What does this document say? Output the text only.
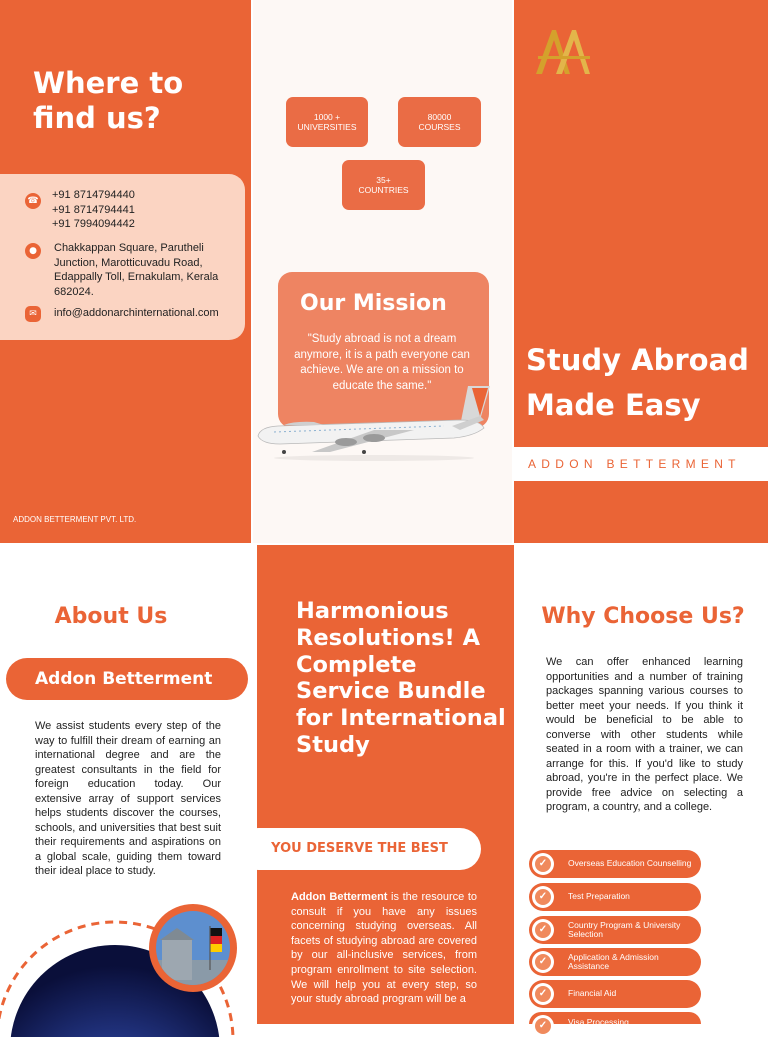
Where to find us?
☎ +91 8714794440
+91 8714794441
+91 7994094442
●	Chakkappan Square, Parutheli Junction, Marotticuvadu Road, Edappally Toll, Ernakulam, Kerala 682024.
✉	info@addonarchinternational.com
ADDON BETTERMENT PVT. LTD.
1000 +
UNIVERSITIES
80000
COURSES
35+
COUNTRIES
Our Mission
"Study abroad is not a dream anymore, it is a path everyone can achieve. We are on a mission to educate the same."
Study Abroad Made Easy
ADDON BETTERMENT
About Us
Addon Betterment
We assist students every step of the way to fulfill their dream of earning an international degree and are the greatest consultants in the field for foreign education today. Our extensive array of support services helps students discover the courses, schools, and universities that best suit their requirements and aspirations on a global scale, guiding them toward their ideal place to study.
Harmonious Resolutions! A Complete Service Bundle for International Study
YOU DESERVE THE BEST
Addon Betterment is the resource to consult if you have any issues concerning studying overseas. All facets of studying abroad are covered by our all-inclusive services, from program enrollment to site selection. We will help you at every step, so your study abroad program will be a
Why Choose Us?
We can offer enhanced learning opportunities and a number of training packages spanning various courses to better meet your needs. If you think it would be beneficial to be able to converse with other students while seated in a room with a trainer, we can arrange for this. If you'd like to study abroad, you're in the perfect place. We provide free advice on selecting a program, a country, and a college.
✓	Overseas Education Counselling
✓	Test Preparation
✓	Country Program & University Selection
✓	Application & Admission Assistance
✓	Financial Aid
✓	Visa Processing
